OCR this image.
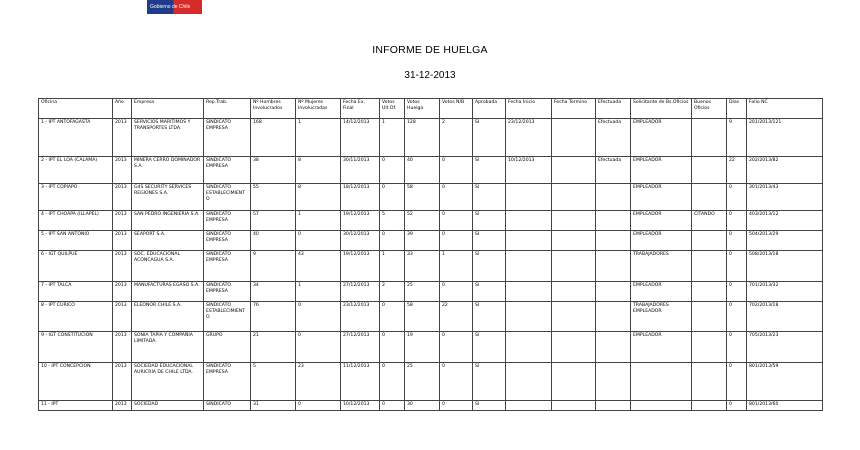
Gobierno de Chile
INFORME DE HUELGA
31-12-2013
Oficina	Año	Empresa	Rep.Trab.	Nº Hombres Involucrados	Nº Mujeres Involucradas	Fecha Ex. Final	Votos Ult.Of.	Votos Huelga	Votos N/B	Aprobada	Fecha Inicio	Fecha Termino	Efectuada	Solicitante de Bs.Oficios	Buenos Oficios	Días	Folio NC
1 - IPT ANTOFAGASTA	2013	SERVICIOS MARITIMOS Y TRANSPORTES LTDA.	SINDICATO EMPRESA	168	1	14/12/2013	1	128	2	SI	23/12/2013		Efectuada	EMPLEADOR		9	201/2013/121
2 - IPT EL LOA (CALAMA)	2013	MINERA CERRO DOMINADOR S.A.	SINDICATO EMPRESA	38	8	30/11/2013	0	40	0	SI	10/12/2013		Efectuada	EMPLEADOR		22	202/2013/82
3 - IPT COPIAPO	2013	G4S SECURITY SERVICES REGIONES S.A.	SINDICATO ESTABLECIMIENTO	55	8	18/12/2013	0	58	0	SI				EMPLEADOR		0	301/2013/43
4 - IPT CHOAPA (ILLAPEL)	2013	SAN PEDRO INGENIERIA S.A.	SINDICATO EMPRESA	57	1	19/12/2013	5	52	0	SI				EMPLEADOR	CITANDO	0	403/2013/12
5 - IPT SAN ANTONIO	2013	SEAPORT S.A.	SINDICATO EMPRESA	40	0	30/12/2013	0	39	0	SI				EMPLEADOR		0	504/2013/29
6 - IGT QUILPUE	2013	SOC. EDUCACIONAL ACONCAGUA S.A.	SINDICATO EMPRESA	9	43	19/12/2013	1	33	1	SI				TRABAJADORES		0	508/2013/18
7 - IPT TALCA	2013	MANUFACTURAS EGASO S.A.	SINDICATO EMPRESA	34	1	27/12/2013	2	25	0	SI				EMPLEADOR		0	701/2013/32
8 - IPT CURICO	2013	ELEONOR CHILE S.A.	SINDICATO ESTABLECIMIENTO	76	0	23/12/2013	0	58	22	SI				TRABAJADORES EMPLEADOR		0	702/2013/18
9 - IGT CONSTITUCION	2013	SONIA TAPIA Y COMPAÑIA LIMITADA.	GRUPO	21	0	27/12/2013	0	19	0	SI				EMPLEADOR		0	705/2013/23
10 - IPT CONCEPCION	2013	SOCIEDAD EDUCACIONAL AURICRIA DE CHILE LTDA.	SINDICATO EMPRESA	5	23	11/12/2013	0	25	0	SI						0	801/2013/59
11 - IPT	2013	SOCIEDAD	SINDICATO	31	0	10/12/2013	0	30	0	SI						0	801/2013/60
